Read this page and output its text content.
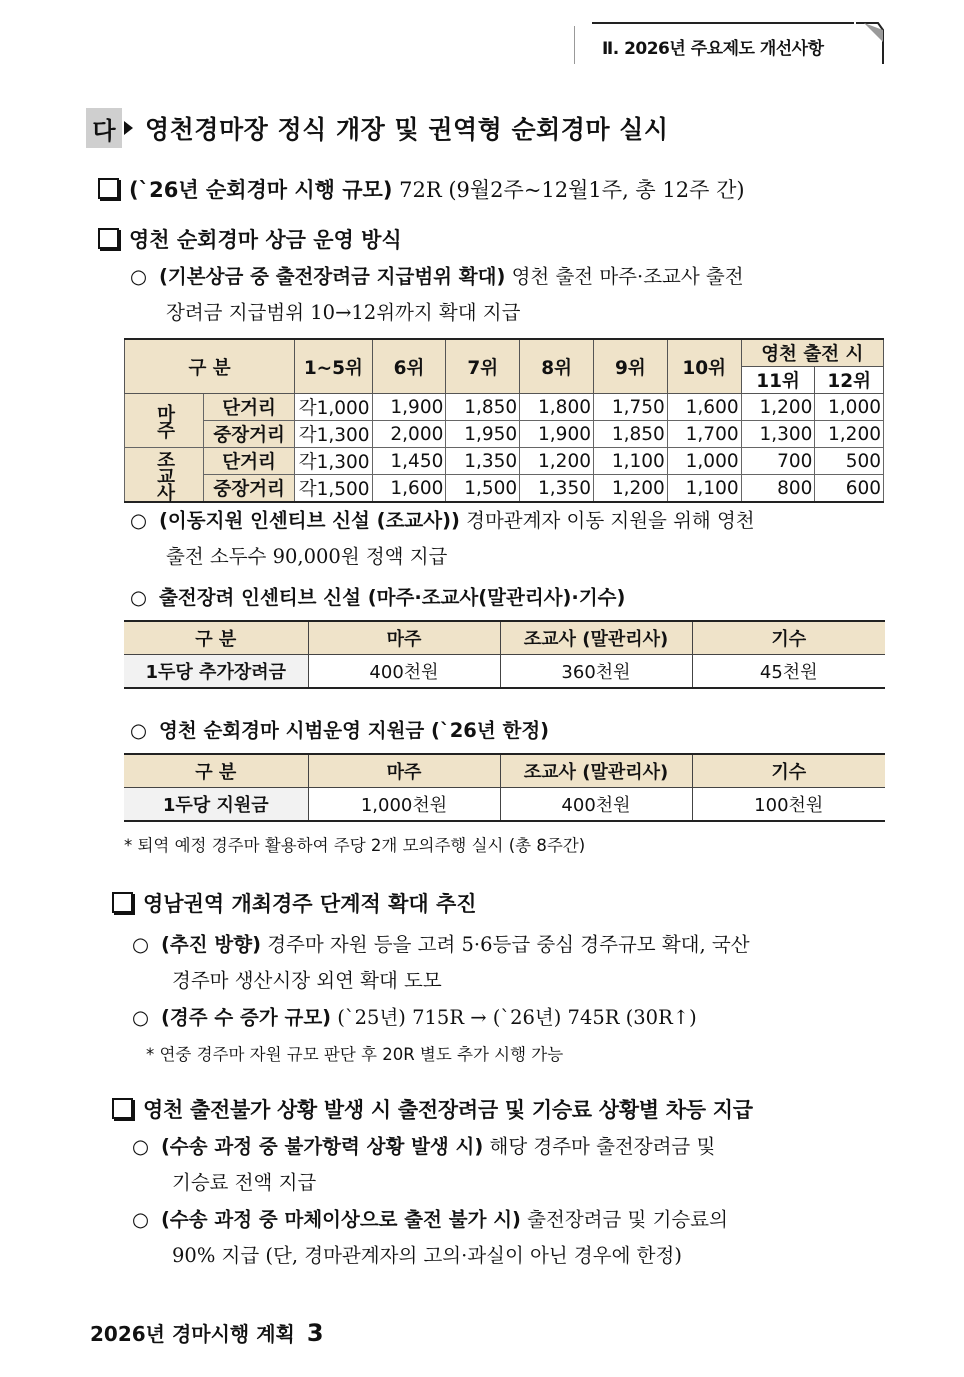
Ⅱ. 2026년 주요제도 개선사항
다 영천경마장 정식 개장 및 권역형 순회경마 실시
(`26년 순회경마 시행 규모) 72R (9월2주~12월1주, 총 12주 간)
영천 순회경마 상금 운영 방식
○ (기본상금 중 출전장려금 지급범위 확대) 영천 출전 마주·조교사 출전
장려금 지급범위 10→12위까지 확대 지급
구 분		1~5위	6위	7위	8위	9위	10위	영천 출전 시	
								11위	12위
마주	단거리	각1,000	1,900	1,850	1,800	1,750	1,600	1,200	1,000
	중장거리	각1,300	2,000	1,950	1,900	1,850	1,700	1,300	1,200
조교사	단거리	각1,300	1,450	1,350	1,200	1,100	1,000	700	500
	중장거리	각1,500	1,600	1,500	1,350	1,200	1,100	800	600
○ (이동지원 인센티브 신설 (조교사)) 경마관계자 이동 지원을 위해 영천
출전 소두수 90,000원 정액 지급
○ 출전장려 인센티브 신설 (마주·조교사(말관리사)·기수)
구 분	마주	조교사 (말관리사)	기수
1두당 추가장려금	400천원	360천원	45천원
○ 영천 순회경마 시범운영 지원금 (`26년 한정)
구 분	마주	조교사 (말관리사)	기수
1두당 지원금	1,000천원	400천원	100천원
* 퇴역 예정 경주마 활용하여 주당 2개 모의주행 실시 (총 8주간)
영남권역 개최경주 단계적 확대 추진
○ (추진 방향) 경주마 자원 등을 고려 5·6등급 중심 경주규모 확대, 국산
경주마 생산시장 외연 확대 도모
○ (경주 수 증가 규모) (`25년) 715R → (`26년) 745R (30R↑)
* 연중 경주마 자원 규모 판단 후 20R 별도 추가 시행 가능
영천 출전불가 상황 발생 시 출전장려금 및 기승료 상황별 차등 지급
○ (수송 과정 중 불가항력 상황 발생 시) 해당 경주마 출전장려금 및
기승료 전액 지급
○ (수송 과정 중 마체이상으로 출전 불가 시) 출전장려금 및 기승료의
90% 지급 (단, 경마관계자의 고의·과실이 아닌 경우에 한정)
2026년 경마시행 계획 3
